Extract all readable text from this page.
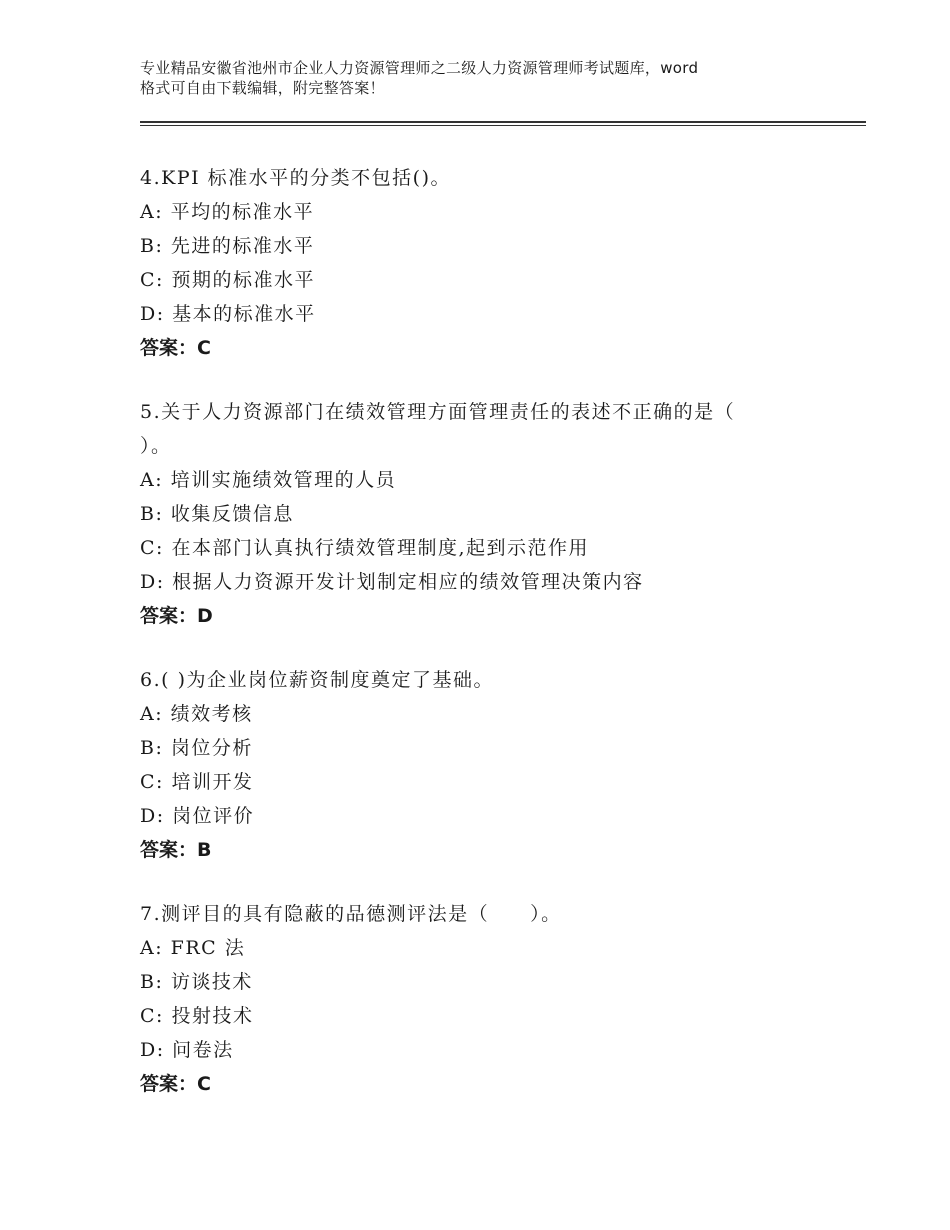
专业精品安徽省池州市企业人力资源管理师之二级人力资源管理师考试题库，word
格式可自由下载编辑，附完整答案！
4.KPI 标准水平的分类不包括()。
A: 平均的标准水平
B: 先进的标准水平
C: 预期的标准水平
D: 基本的标准水平
答案：C
5.关于人力资源部门在绩效管理方面管理责任的表述不正确的是（ ）。
A: 培训实施绩效管理的人员
B: 收集反馈信息
C: 在本部门认真执行绩效管理制度,起到示范作用
D: 根据人力资源开发计划制定相应的绩效管理决策内容
答案：D
6.( )为企业岗位薪资制度奠定了基础。
A: 绩效考核
B: 岗位分析
C: 培训开发
D: 岗位评价
答案：B
7.测评目的具有隐蔽的品德测评法是（　　）。
A: FRC 法
B: 访谈技术
C: 投射技术
D: 问卷法
答案：C
